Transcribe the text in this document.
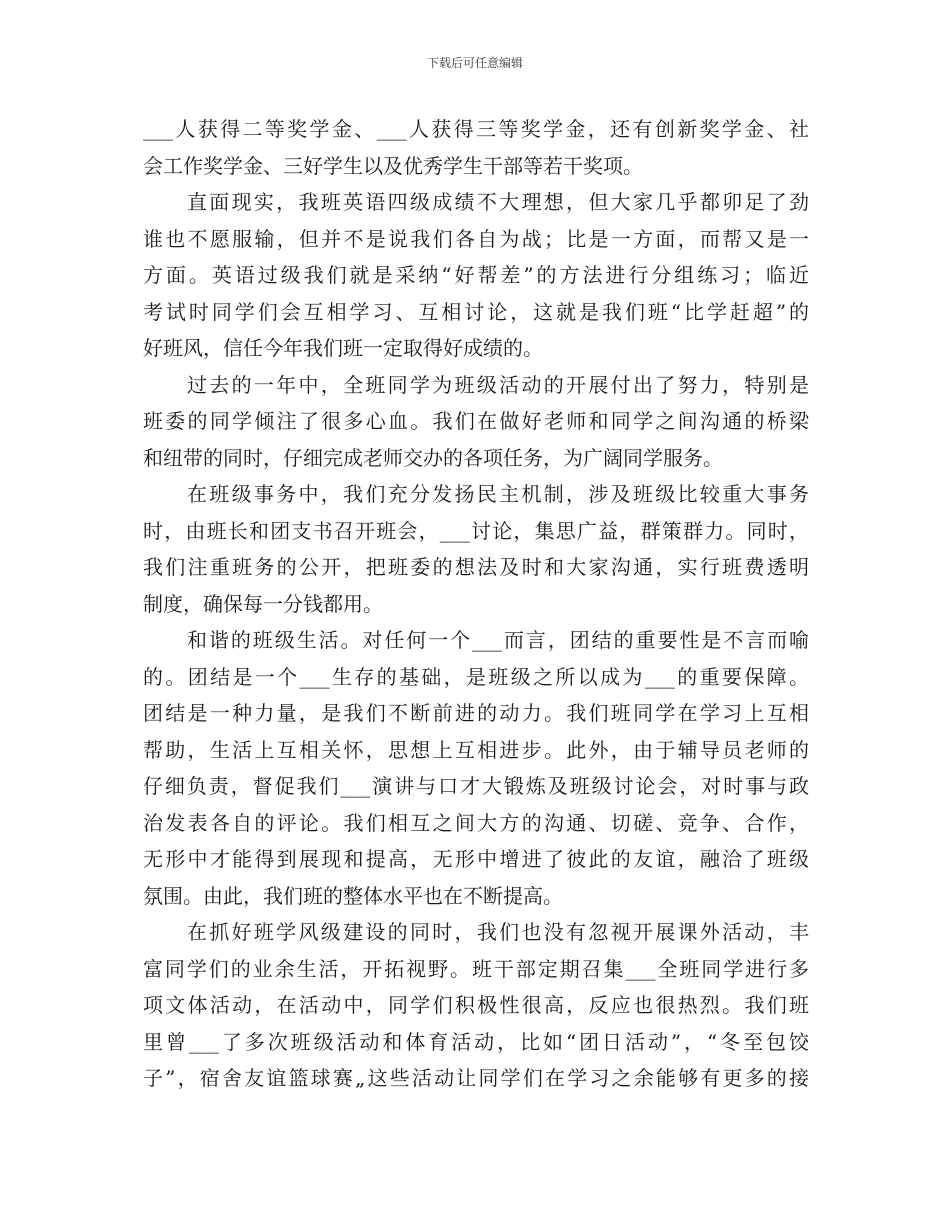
下载后可任意编辑
___人获得二等奖学金、___人获得三等奖学金，还有创新奖学金、社
会工作奖学金、三好学生以及优秀学生干部等若干奖项。
直面现实，我班英语四级成绩不大理想，但大家几乎都卯足了劲
谁也不愿服输，但并不是说我们各自为战；比是一方面，而帮又是一
方面。英语过级我们就是采纳“好帮差”的方法进行分组练习；临近
考试时同学们会互相学习、互相讨论，这就是我们班“比学赶超”的
好班风，信任今年我们班一定取得好成绩的。
过去的一年中，全班同学为班级活动的开展付出了努力，特别是
班委的同学倾注了很多心血。我们在做好老师和同学之间沟通的桥梁
和纽带的同时，仔细完成老师交办的各项任务，为广阔同学服务。
在班级事务中，我们充分发扬民主机制，涉及班级比较重大事务
时，由班长和团支书召开班会，___讨论，集思广益，群策群力。同时，
我们注重班务的公开，把班委的想法及时和大家沟通，实行班费透明
制度，确保每一分钱都用。
和谐的班级生活。对任何一个___而言，团结的重要性是不言而喻
的。团结是一个___生存的基础，是班级之所以成为___的重要保障。
团结是一种力量，是我们不断前进的动力。我们班同学在学习上互相
帮助，生活上互相关怀，思想上互相进步。此外，由于辅导员老师的
仔细负责，督促我们___演讲与口才大锻炼及班级讨论会，对时事与政
治发表各自的评论。我们相互之间大方的沟通、切磋、竞争、合作，
无形中才能得到展现和提高，无形中增进了彼此的友谊，融洽了班级
氛围。由此，我们班的整体水平也在不断提高。
在抓好班学风级建设的同时，我们也没有忽视开展课外活动，丰
富同学们的业余生活，开拓视野。班干部定期召集___全班同学进行多
项文体活动，在活动中，同学们积极性很高，反应也很热烈。我们班
里曾___了多次班级活动和体育活动，比如“团日活动”，“冬至包饺
子”，宿舍友谊篮球赛„这些活动让同学们在学习之余能够有更多的接
